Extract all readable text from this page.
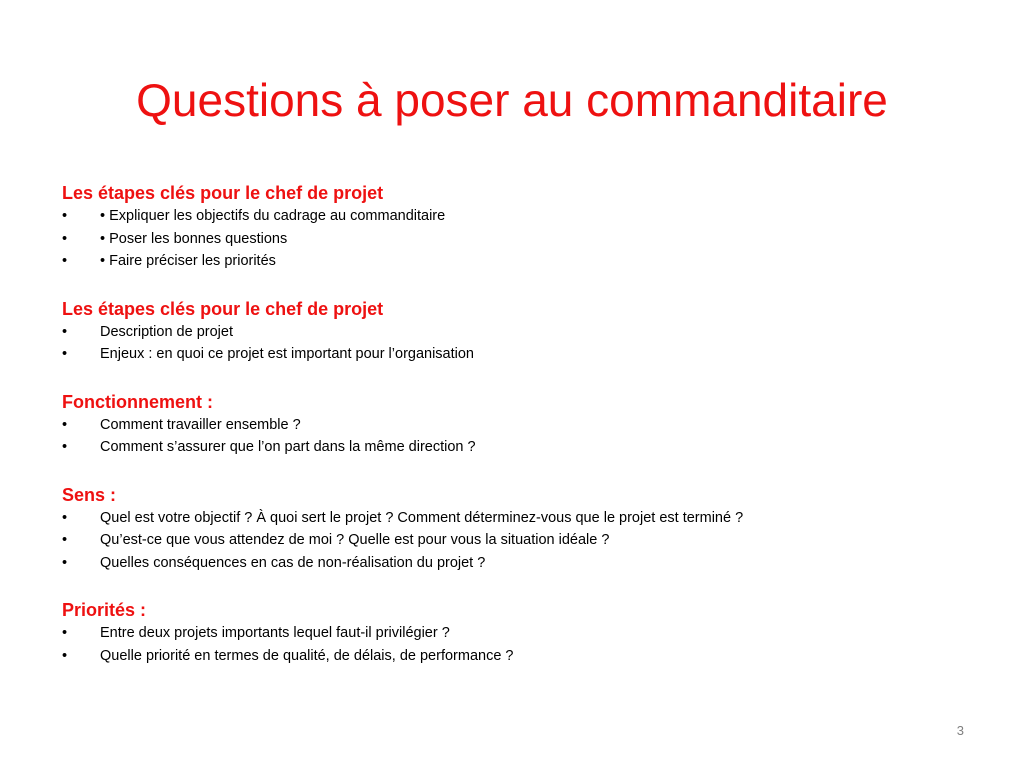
Questions à poser au commanditaire
Les étapes clés pour le chef de projet
•	• Expliquer les objectifs du cadrage au commanditaire
•	• Poser les bonnes questions
•	• Faire préciser les priorités
Les étapes clés pour le chef de projet
•	Description de projet
•	Enjeux : en quoi ce projet est important pour l’organisation
Fonctionnement :
•	Comment travailler ensemble ?
•	Comment s’assurer que l’on part dans la même direction ?
Sens :
•	Quel est votre objectif ? À quoi sert le projet ? Comment déterminez-vous que le projet est terminé ?
•	Qu’est-ce que vous attendez de moi ? Quelle est pour vous la situation idéale ?
•	Quelles conséquences en cas de non-réalisation du projet ?
Priorités :
•	Entre deux projets importants lequel faut-il privilégier ?
•	Quelle priorité en termes de qualité, de délais, de performance ?
3
